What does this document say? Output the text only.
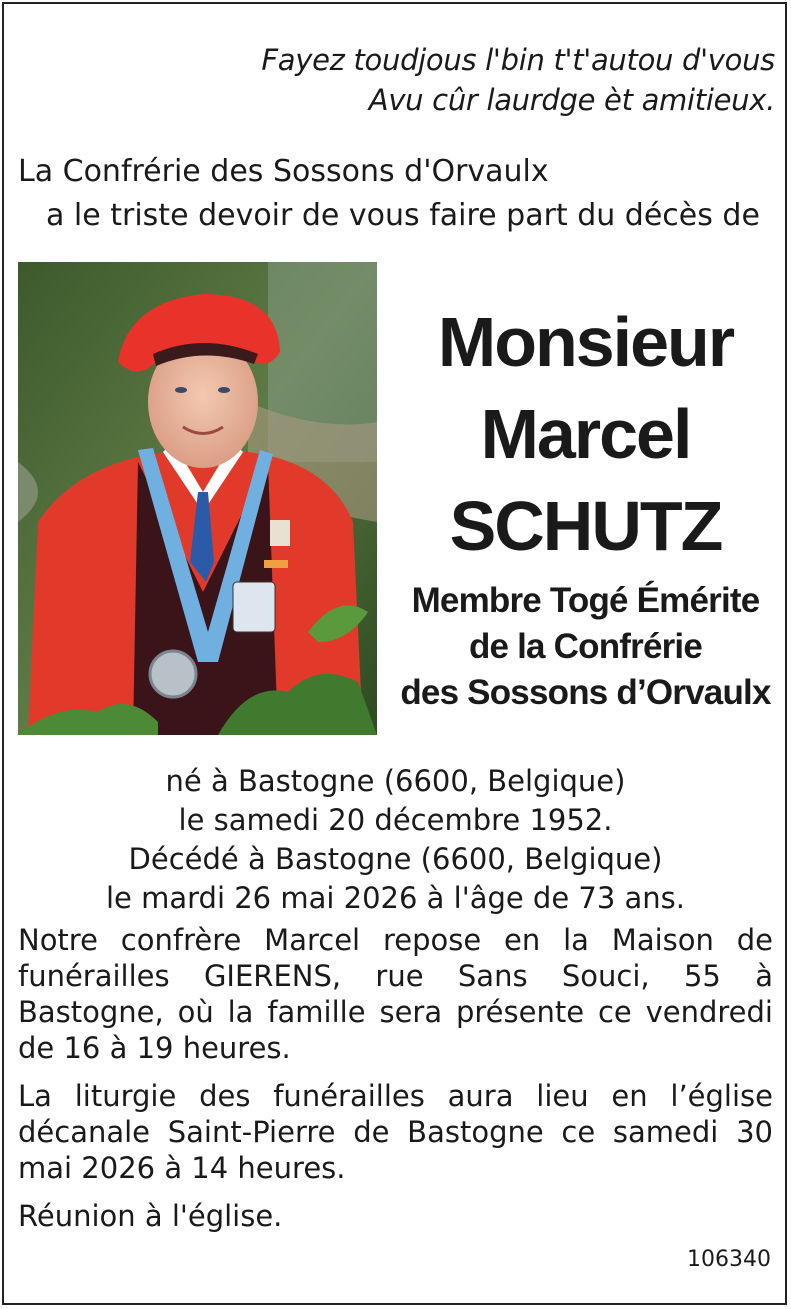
Fayez toudjous l'bin t't'autou d'vous
Avu cûr laurdge èt amitieux.
La Confrérie des Sossons d'Orvaulx
a le triste devoir de vous faire part du décès de
Monsieur
Marcel
SCHUTZ
Membre Togé Émérite
de la Confrérie
des Sossons d’Orvaulx
né à Bastogne (6600, Belgique)
le samedi 20 décembre 1952.
Décédé à Bastogne (6600, Belgique)
le mardi 26 mai 2026 à l'âge de 73 ans.
Notre confrère Marcel repose en la Maison de funérailles GIERENS, rue Sans Souci, 55 à Bastogne, où la famille sera présente ce vendredi de 16 à 19 heures.
La liturgie des funérailles aura lieu en l’église décanale Saint-Pierre de Bastogne ce samedi 30 mai 2026 à 14 heures.
Réunion à l'église.
106340
